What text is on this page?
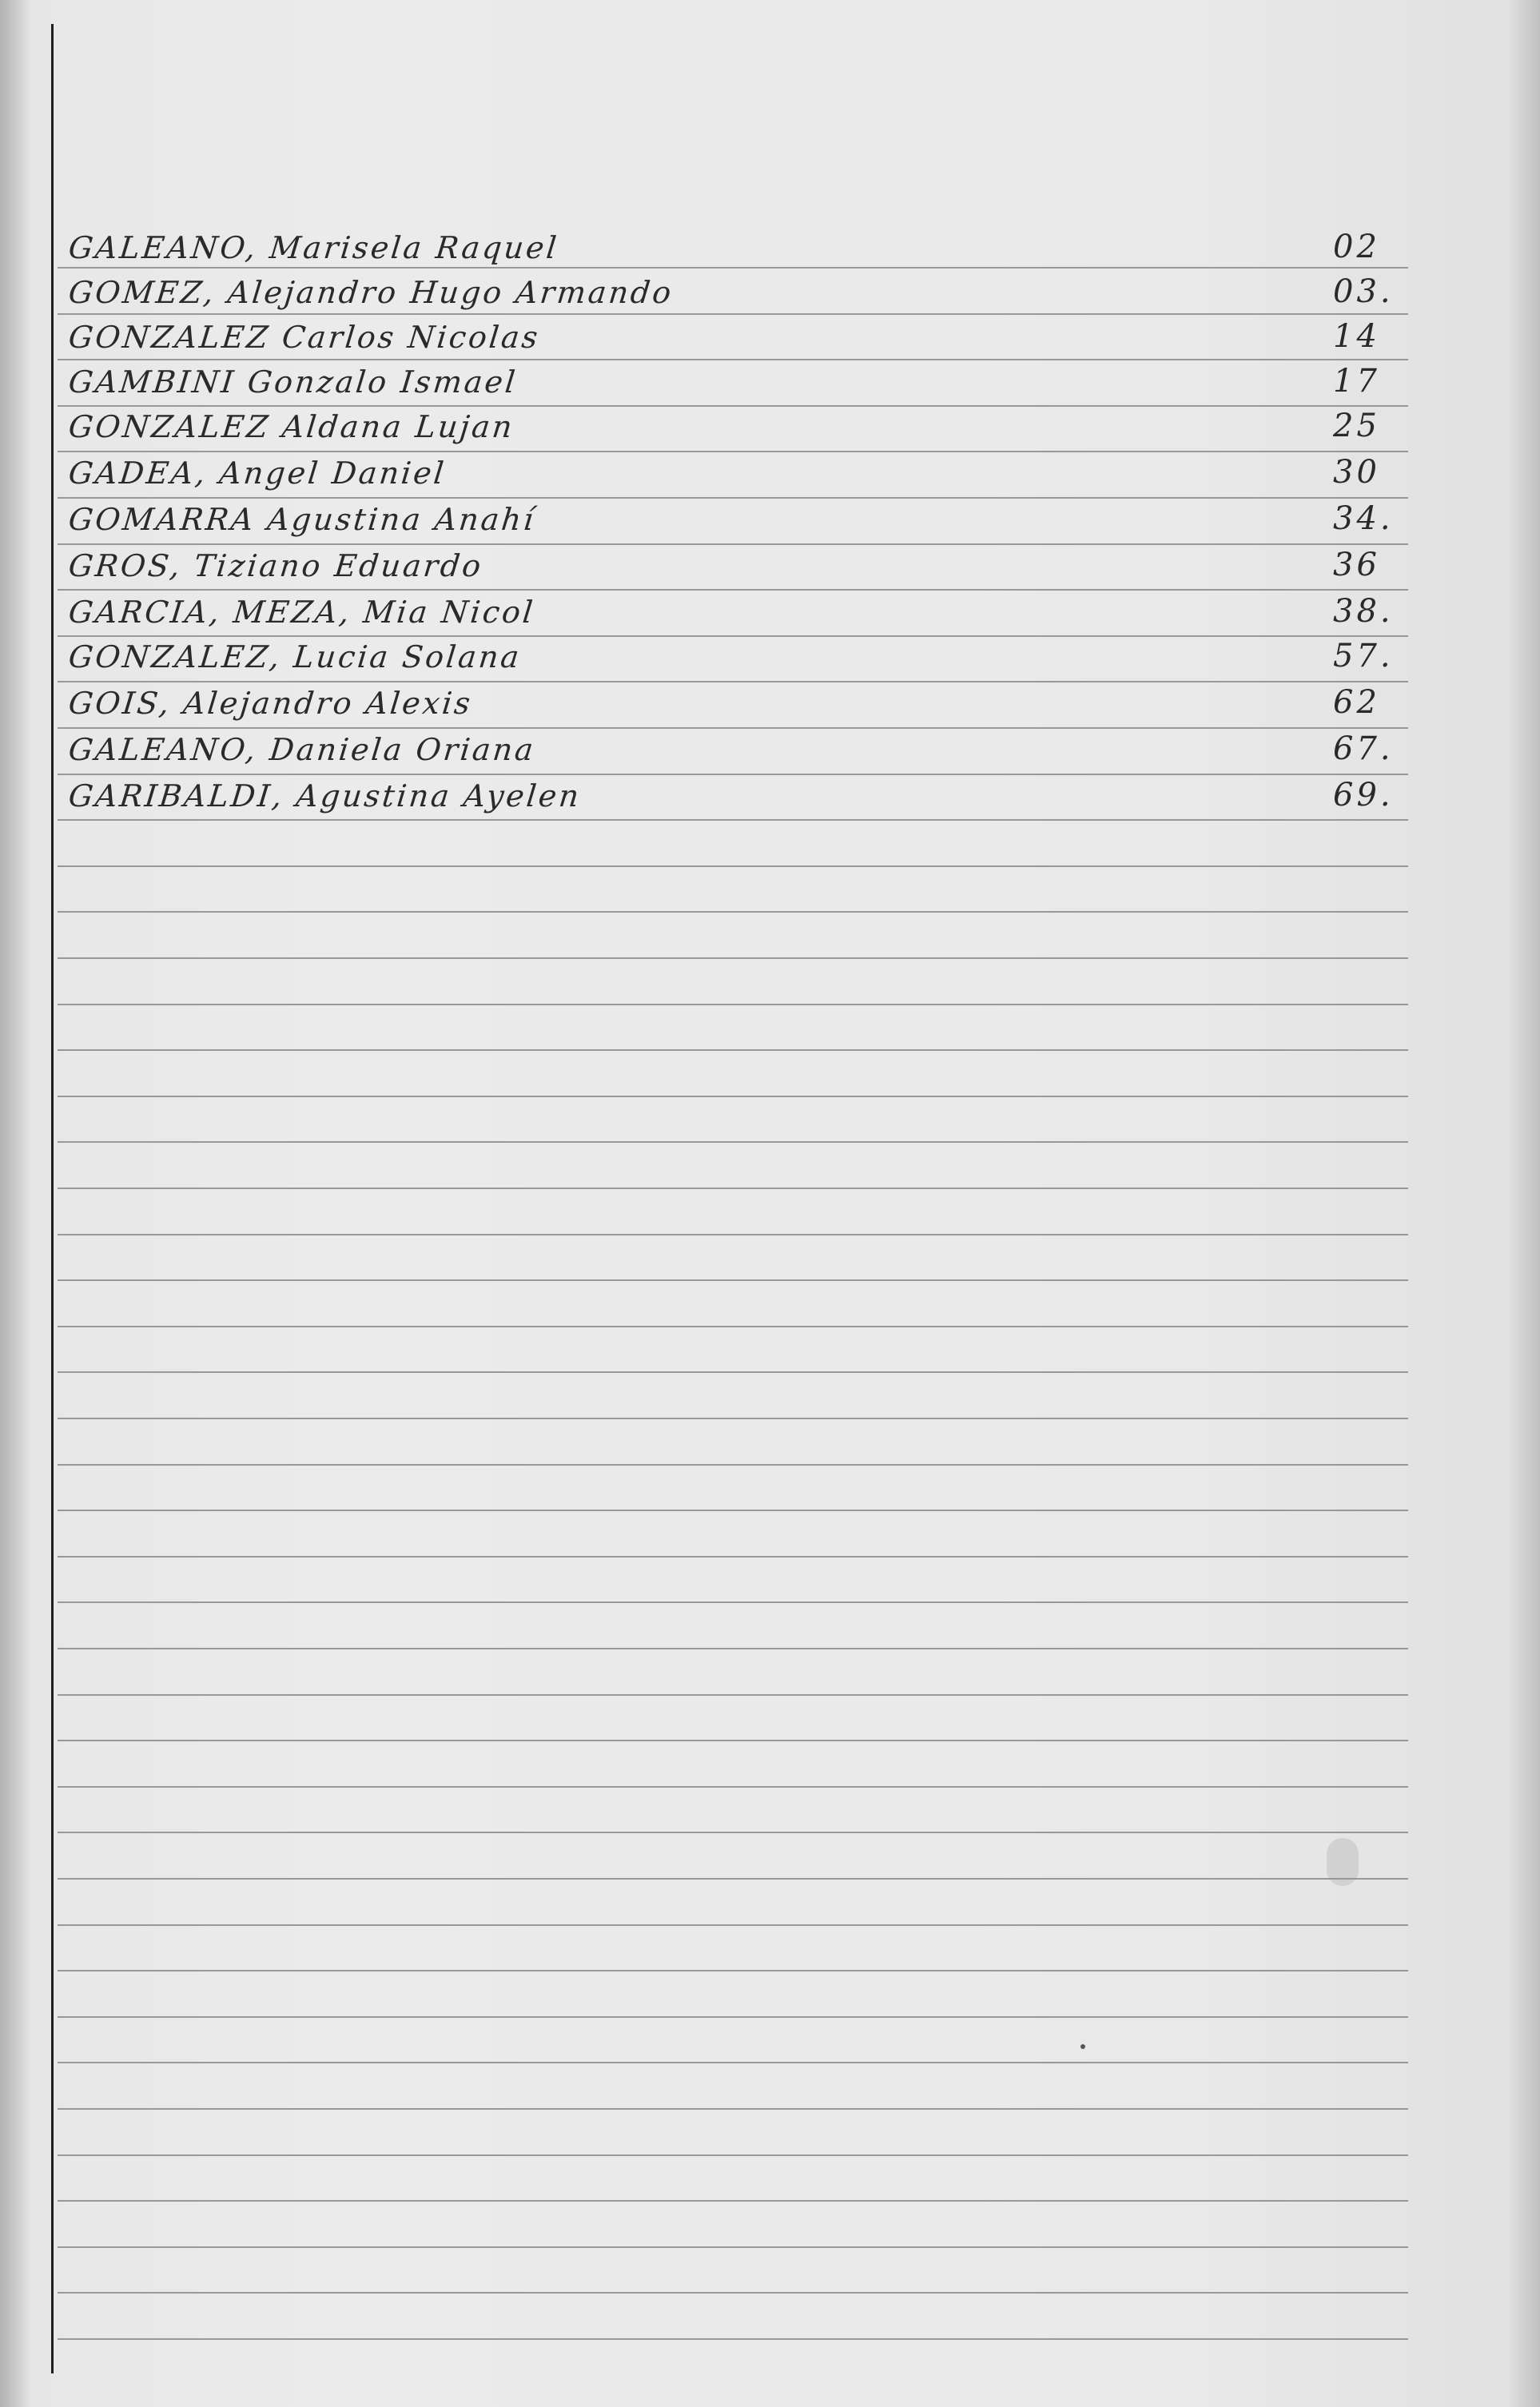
GALEANO, Marisela Raquel	02
GOMEZ, Alejandro Hugo Armando	03.
GONZALEZ Carlos Nicolas	14
GAMBINI Gonzalo Ismael	17
GONZALEZ Aldana Lujan	25
GADEA, Angel Daniel	30
GOMARRA Agustina Anahí	34.
GROS, Tiziano Eduardo	36
GARCIA, MEZA, Mia Nicol	38.
GONZALEZ, Lucia Solana	57.
GOIS, Alejandro Alexis	62
GALEANO, Daniela Oriana	67.
GARIBALDI, Agustina Ayelen	69.
